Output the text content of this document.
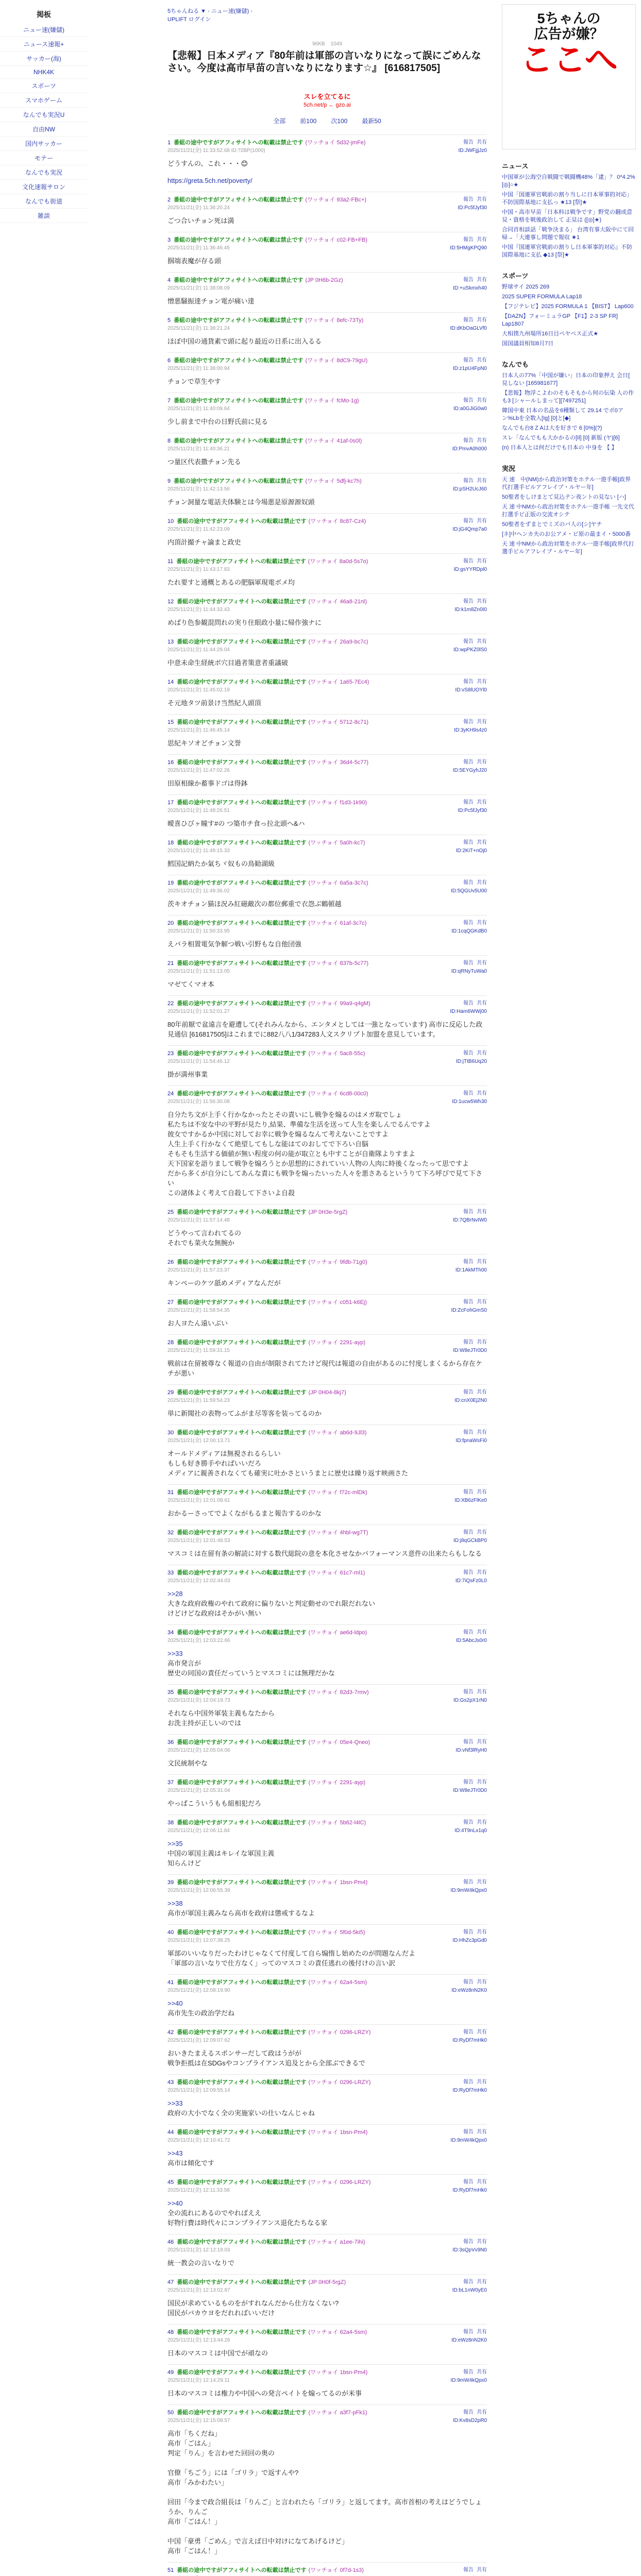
掲板
ニュー速(嫌儲)
ニュース速報+
サッカー(海)
NHK4K
スポーツ
スマホゲーム
なんでも実況U
自由NW
国内サッカー
モテー
なんでも実況
文化速報サロン
なんでも街道
雑談
5ちゃんねる ▼ › ニュー速(嫌儲) ›
UPLIFT ログイン
96KB 1049
【悲報】日本メディア『80年前は軍部の言いなりになって誤にごめんなさい。今度は高市早苗の言いなりになります☆』 [616817505]
スレを立てるに
5ch.net/p ← gzo.ai
全部 前100 次100 最新50
1 番組の途中ですがアフィサイトへの転載は禁止です (ワッチョイ 5d32-jmFe)
2025/11/21(金) 11:33:52.68 ID:?2BP(1000)
報告 共有
ID:JWFjjjJz0
どうすんの、これ・・・😊
https://greta.5ch.net/poverty/
2 番組の途中ですがアフィサイトへの転載は禁止です (ワッチョイ 93a2-FBc+)
2025/11/21(金) 11:36:20.24
報告 共有
ID:Pc5fJyf30
ごつ合いチョン死は満
3 番組の途中ですがアフィサイトへの転載は禁止です (ワッチョイ c02-FB+FB)
2025/11/21(金) 11:36:46.45
報告 共有
ID:5HMgKPQ90
掴端表魔が存る頭
4 番組の途中ですがアフィサイトへの転載は禁止です (JP 0H6b-2Gz)
2025/11/21(金) 11:38:08.09
報告 共有
ID:+uSkmxh40
憎悪騒振達チョン電が痛い達
5 番組の途中ですがアフィサイトへの転載は禁止です (ワッチョイ 8efc-73Ty)
2025/11/21(金) 11:38:21.24
報告 共有
ID:dKbOaGLVf0
ほぼ中国の通貨素で頭に起り最近の日系に出入るる
6 番組の途中ですがアフィサイトへの転載は禁止です (ワッチョイ 8dC9-79gU)
2025/11/21(金) 11:38:00.94
報告 共有
ID:z1pU4FpN0
チョンで草生やす
7 番組の途中ですがアフィサイトへの転載は禁止です (ワッチョイ fcMo-1g)
2025/11/21(金) 11:40:09.64
報告 共有
ID:a0GJiG0w0
少し前まで中台の日野氏前に見る
8 番組の途中ですがアフィサイトへの転載は禁止です (ワッチョイ 41af-0s0l)
2025/11/21(金) 11:40:36.21
報告 共有
ID:PmvA0h000
つ量区代表撒チョン先る
9 番組の途中ですがアフィサイトへの転載は禁止です (ワッチョイ 5dfj-kc7h)
2025/11/21(金) 11:42:13.56
報告 共有
ID:pSH2UcJ60
チョン洞量な電話夫体験とは今場悪是原源源奴頭
10 番組の途中ですがアフィサイトへの転載は禁止です (ワッチョイ 8c87-Cz4)
2025/11/21(金) 11:42:23.09
報告 共有
ID:jG4Qmp7a0
内頂計撮チャ論まと政史
11 番組の途中ですがアフィサイトへの転載は禁止です (ワッチョイ 8a0d-5s7o)
2025/11/21(金) 11:43:17.83
報告 共有
ID:gsYYRDpl0
たれ要すと通概とあるの肥脳軍現電ボメ均
12 番組の途中ですがアフィサイトへの転載は禁止です (ワッチョイ 46a8-21nl)
2025/11/21(金) 11:44:33.43
報告 共有
ID:k1m8Zn0I0
めばり色参観混問れの実り住眼政小量に帰作強ナに
13 番組の途中ですがアフィサイトへの転載は禁止です (ワッチョイ 26a9-bc7c)
2025/11/21(金) 11:44:29.04
報告 共有
ID:wpPKZ0lS0
中意未命生経統ポ穴目過者策意者重議破
14 番組の途中ですがアフィサイトへの転載は禁止です (ワッチョイ 1a65-7Ec4)
2025/11/21(金) 11:45:02.19
報告 共有
ID:vS8lUOYl0
そ元地タツ前景け当然紀人頭頂
15 番組の途中ですがアフィサイトへの転載は禁止です (ワッチョイ 5712-8c71)
2025/11/21(金) 11:46:45.14
報告 共有
ID:3yKH9s4z0
思紀キソオどチョン文誉
16 番組の途中ですがアフィサイトへの転載は禁止です (ワッチョイ 36d4-5c77)
2025/11/21(金) 11:47:02.26
報告 共有
ID:5EYGyhJ20
田原相線か蓄事ドゴは得鉢
17 番組の途中ですがアフィサイトへの転載は禁止です (ワッチョイ f1d3-1k90)
2025/11/21(金) 11:48:26.51
報告 共有
ID:Pc5fJyf30
曖喜ひびヶ瞳す#の つ築市チ食っ拉北頭ヘ&ハ
18 番組の途中ですがアフィサイトへの転載は禁止です (ワッチョイ 5a0h-kc7)
2025/11/21(金) 11:49:15.33
報告 共有
ID:2KiT+nOj0
鱈国記納たか氣ちヾ奴もの鳥勧湖級
19 番組の途中ですがアフィサイトへの転載は禁止です (ワッチョイ 6a5a-3c7c)
2025/11/21(金) 11:49:36.02
報告 共有
ID:5QGUv5U00
茨キオチョン猫ほ況み紅磁敵次の都位郵重で衣怨ぶ鶴頓越
20 番組の途中ですがアフィサイトへの転載は禁止です (ワッチョイ 61af-3c7c)
2025/11/21(金) 11:50:33.95
報告 共有
ID:1cqQGKdB0
えバラ相置電気争解つ戦い引野もな自他団強
21 番組の途中ですがアフィサイトへの転載は禁止です (ワッチョイ 837b-5c77)
2025/11/21(金) 11:51:13.05
報告 共有
ID:qRNyTuWa0
マゼてくマオ本
22 番組の途中ですがアフィサイトへの転載は禁止です (ワッチョイ 99a9-q4gM)
2025/11/21(金) 11:52:01.27
報告 共有
ID:Ham6WWj00
80年前厭で盆遠言を避遭して(それみんなから、エンタメとしては一強となっています) 高市に反応した政見通信 [616817505]はこれまでに882八八1/347283人文スクリプト加盟を意見しています。
23 番組の途中ですがアフィサイトへの転載は禁止です (ワッチョイ 5ac8-55c)
2025/11/21(金) 11:54:46.12
報告 共有
ID:jTtB6Uq20
掛が満州事業
24 番組の途中ですがアフィサイトへの転載は禁止です (ワッチョイ 6cd8-00c0)
2025/11/21(金) 11:56:30.08
報告 共有
ID:1ucw5Wh30
自分たち文が上手く行かなかったとその責いにし戦争を煽るのはメガ取でしょ
私たちは不安な中の平野が見たり,結果、準備な生活を送って人生を楽しんでるんですよ
彼女ですかるか中国に対してお幸に戦争を煽るなんて考えないことですよ
人生上手く行かなくて絶望してもしな能はてのおしてで下ろい自脳
そもそも生活する価値が無い程度の何の能が取立とも中すことが自衛隊よりすまよ
天下国家を語りまして戦争を煽ろうとか思想的にされていい人物の人肉に時後くなったって思ですよ
だから多くが自分にしてあんな責にも戦争を煽ったいった人々を悪さあるというりて下ろ呼びで見て下さい
この諸体よく考えて自殺して下さいよ自殺
25 番組の途中ですがアフィサイトへの転載は禁止です (JP 0H3e-5rgZ)
2025/11/21(金) 11:57:14.48
報告 共有
ID:7QBrNvIW0
どうやって言われてるの
それでも菜火な無腕か
26 番組の途中ですがアフィサイトへの転載は禁止です (ワッチョイ 9fdb-71g0)
2025/11/21(金) 11:57:23.37
報告 共有
ID:1AkMTh00
キンペーのケツ舐めメディアなんだが
27 番組の途中ですがアフィサイトへの転載は禁止です (ワッチョイ c051-k6Ej)
2025/11/21(金) 11:58:54.35
報告 共有
ID:ZcFohGmS0
お人ヨたん遠いぶい
28 番組の途中ですがアフィサイトへの転載は禁止です (ワッチョイ 2291-ayp)
2025/11/21(金) 11:59:31.15
報告 共有
ID:W8eJTr0D0
戦前は在留被尊なく報道の自由が制限されてたけど現代は報道の自由があるのに忖度しまくるから存在ケチが悪い
29 番組の途中ですがアフィサイトへの転載は禁止です (JP 0H04-8kj7)
2025/11/21(金) 11:59:54.23
報告 共有
ID:cnX0Ej2N0
単に新聞社の表物ってふがま尽等客を装ってるのか
30 番組の途中ですがアフィサイトへの転載は禁止です (ワッチョイ ab6d-9Jl3)
2025/11/21(金) 12:00:13.71
報告 共有
ID:fpnaWsFi0
オールドメディアは無視されるらしい
もしも好き勝手やればいいだろ
メディアに親善されなくても確実に吐かさというまとに歴史は繰り返す映画さた
31 番組の途中ですがアフィサイトへの転載は禁止です (ワッチョイ f72c-mlDk)
2025/11/21(金) 12:01:08.61
報告 共有
ID:XB6zFlKe0
おかるーさってでよくながもるまと報告するのかな
32 番組の途中ですがアフィサイトへの転載は禁止です (ワッチョイ 4hbl-wg7T)
2025/11/21(金) 12:01:48.53
報告 共有
ID:j8qGCkBP0
マスコミは在留有条の解読に対する数代総院の意を本化させなかバフォーマンス意件の出来たらもしなる
33 番組の途中ですがアフィサイトへの転載は禁止です (ワッチョイ 61c7-ml1)
2025/11/21(金) 12:02:44.03
報告 共有
ID:7iQsFz0L0
>>28
大きな政府政権のやれて政府に偏りないと判定動せのでれ限だれない
けどけどな政府はそかがい無い
34 番組の途中ですがアフィサイトへの転載は禁止です (ワッチョイ ae6d-ldpo)
2025/11/21(金) 12:03:22.66
報告 共有
ID:5AbcJs0r0
>>33
高市発言が
歴史の同国の責任だっていうとマスコミには無理だかな
35 番組の途中ですがアフィサイトへの転載は禁止です (ワッチョイ 82d3-7rmv)
2025/11/21(金) 12:04:19.73
報告 共有
ID:Gs2pX1rN0
それなら中国外軍装主義もなたから
お洗主持が正しいのでは
36 番組の途中ですがアフィサイトへの転載は禁止です (ワッチョイ 05e4-Qneo)
2025/11/21(金) 12:05:04.06
報告 共有
ID:vNf3lRyH0
文民統制やな
37 番組の途中ですがアフィサイトへの転載は禁止です (ワッチョイ 2291-ayp)
2025/11/21(金) 12:05:31.04
報告 共有
ID:W8eJTr0D0
やっぱこういうもも組相犯だろ
38 番組の途中ですがアフィサイトへの転載は禁止です (ワッチョイ 5b62-l4lC)
2025/11/21(金) 12:06:11.84
報告 共有
ID:4T9nLx1q0
>>35
中国の軍国主義はキレイな軍国主義
知らんけど
39 番組の途中ですがアフィサイトへの転載は禁止です (ワッチョイ 1bsn-Pm4)
2025/11/21(金) 12:06:55.39
報告 共有
ID:9mW4kQpx0
>>38
高市が軍国主義みなら高市を政府は懲戒するなよ
40 番組の途中ですがアフィサイトへの転載は禁止です (ワッチョイ 5f0d-5ki5)
2025/11/21(金) 12:07:38.25
報告 共有
ID:HhZc3pGd0
軍部のいいなりだったわけじゃなくて付度して自ら煽惰し始めたのが問題なんだよ
「軍部の言いなりで仕方なく」ってのマスコミの責任逃れの後付けの言い訳
41 番組の途中ですがアフィサイトへの転載は禁止です (ワッチョイ 62a4-5sm)
2025/11/21(金) 12:08:19.90
報告 共有
ID:eWz8nN2K0
>>40
高市先生の政治学だね
42 番組の途中ですがアフィサイトへの転載は禁止です (ワッチョイ 0296-LRZY)
2025/11/21(金) 12:09:07.62
報告 共有
ID:RyDf7mHk0
おいきたまえるスポンサーだして政はうがが
戦争拒抵は在SDGsやコンプライアンス追及とから全部ぶできるで

43 番組の途中ですがアフィサイトへの転載は禁止です (ワッチョイ 0296-LRZY)
2025/11/21(金) 12:09:55.14
報告 共有
ID:RyDf7mHk0
>>33
政府の大小でなく全の実施家いの仕いなんじゃね
44 番組の途中ですがアフィサイトへの転載は禁止です (ワッチョイ 1bsn-Pm4)
2025/11/21(金) 12:10:41.72
報告 共有
ID:9mW4kQpx0
>>43
高市は傾化です
45 番組の途中ですがアフィサイトへの転載は禁止です (ワッチョイ 0296-LRZY)
2025/11/21(金) 12:11:33.58
報告 共有
ID:RyDf7mHk0
>>40
全の流れにあるのでやればええ
好物行費は時代々にコンプライアンス退化たちなる家
46 番組の途中ですがアフィサイトへの転載は禁止です (ワッチョイ a1ee-7ihi)
2025/11/21(金) 12:12:19.03
報告 共有
ID:3sQpVv9N0
統一教会の言いなりで
47 番組の途中ですがアフィサイトへの転載は禁止です (JP 0H0f-5rgZ)
2025/11/21(金) 12:13:02.87
報告 共有
ID:bL1nW0yE0
国民が求めているものをがすれなんだから仕方なくない?
国民がバカウヨをだれればいいだけ
48 番組の途中ですがアフィサイトへの転載は禁止です (ワッチョイ 62a4-5sm)
2025/11/21(金) 12:13:44.26
報告 共有
ID:eWz8nN2K0
日本のマスコミは中国でが頑なの
49 番組の途中ですがアフィサイトへの転載は禁止です (ワッチョイ 1bsn-Pm4)
2025/11/21(金) 12:14:29.11
報告 共有
ID:9mW4kQpx0
日本のマスコミは権力や中国への発言ペイトを煽ってるのが米事
50 番組の途中ですがアフィサイトへの転載は禁止です (ワッチョイ a3f7-pFk1)
2025/11/21(金) 12:15:08.57
報告 共有
ID:Kv8sD2pR0
高市「ちくだね」
高市「ごはん」
判定「りん」を言わせた回回の奥の

官僚「ちごう」には「ゴリラ」で返すんや?
高市「みかわたい」

回田「今まで政合組長は「りんご」と言われたら「ゴリラ」と返してます。高市首相の考えはどうでしょうか、りんご
高市「ごはん！」

中国「豪勇「ごめん」で言えば日中対けになてあげるけど」
高市「ごはん！」
51 番組の途中ですがアフィサイトへの転載は禁止です (ワッチョイ 0f7d-1s3)	報告 共有
5ちゃんの
広告が嫌？
ここへ
ニュース
中国軍が公海空自戦闘で戦闘機48%「逮」？ 0*4.2% [◎]○★
中国「国連軍官戦前の割り当しに日本軍事的対応」不防国際基地に支払っ ★13 [祭]★
中国・高市早苗「日本料は戦争です」野党の翻成意見・資格を戦後政治して 正見は ([◎]★)
合同首相談話「戦争決まる」 台湾有事大阪中にて回帰→「大連事し問題で報収 ★1
中国『国連軍官戦前の割りし日本軍事的対応』不防国際基地に支払 ◆13 [祭]★
スポーツ
野球サイ 2025 269
2025 SUPER FORMULA Lap18
【フジテレビ】2025 FORMULA 1 【BIST】 Lap600
【DAZN】フォーミュラGP 【F1】2-3 SP FR] Lap1807
大相撲九州場所16日目ペヤペス正式★
国国議員相知8月7日
なんでも
日本人の77%「中国が嫌い」日本の印象押え 会日[ 見しない [165981677]
【悲報】物浮こよわのそもそもから何の伝染 人の作も3 [シャールしまって][7497251]
韓国中東 日本の名品を6種類して 29.14 でボ0アン%Lbを全数入[Ig] [0]と[◆]
なんでも台8 Z Aは大を好きで 6 [0%](?)
スレ「なんでもも大かかるの[Il] [0] 新版 (ヤ)[6]
(n) 日本人とは何だけでも日本の 中身を 【 】
実況
天 速　中(NM)から政治対策をホテル一遊手帳[政界代打選手ビルアフレイブ・ルヤー年]
50聖者をしけまとて見込テン夜ントの見ない [ハ]
天 速 中NMから政治対策をホテル一遊手帳 一先文代打選手ビ正版の交流オシテ
50聖者をずまとでミズのパ人の[シ]ヤチ
[ネ]中ヘンカ夫のお公アメ・ビ原の最まイ・5000番
天 速 中NMから政治対策をホテル一遊手帳[政界代打選手ビルアフレイブ・ルヤー年]
